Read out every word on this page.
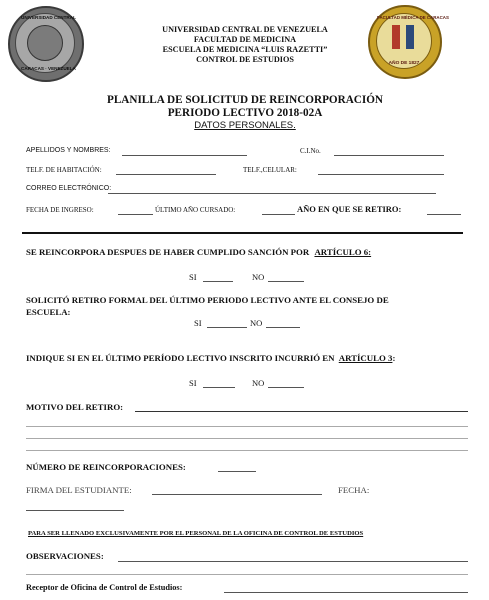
UNIVERSIDAD CENTRAL
CARACAS · VENEZUELA
FACULTAD MÉDICA DE CARACAS
AÑO DE 1827
UNIVERSIDAD CENTRAL DE VENEZUELA
FACULTAD DE MEDICINA
ESCUELA DE MEDICINA “LUIS RAZETTI”
CONTROL DE ESTUDIOS
PLANILLA DE SOLICITUD DE REINCORPORACIÓN
PERIODO LECTIVO 2018-02A
DATOS PERSONALES.
APELLIDOS Y NOMBRES:	C.I.No.
TELF. DE HABITACIÓN:	TELF.,CELULAR:
CORREO ELECTRÓNICO:
FECHA DE INGRESO:	ÚLTIMO AÑO CURSADO:	AÑO EN QUE SE RETIRO:
SE REINCORPORA DESPUES DE HABER CUMPLIDO SANCIÓN POR ARTÍCULO 6:
SI	NO
SOLICITÓ RETIRO FORMAL DEL ÚLTIMO PERIODO LECTIVO ANTE EL CONSEJO DE
ESCUELA:
SI	NO
INDIQUE SI EN EL ÚLTIMO PERÍODO LECTIVO INSCRITO INCURRIÓ EN ARTÍCULO 3:
SI	NO
MOTIVO DEL RETIRO:
NÚMERO DE REINCORPORACIONES:
FIRMA DEL ESTUDIANTE:	FECHA:
PARA SER LLENADO EXCLUSIVAMENTE POR EL PERSONAL DE LA OFICINA DE CONTROL DE ESTUDIOS
OBSERVACIONES:
Receptor de Oficina de Control de Estudios:
